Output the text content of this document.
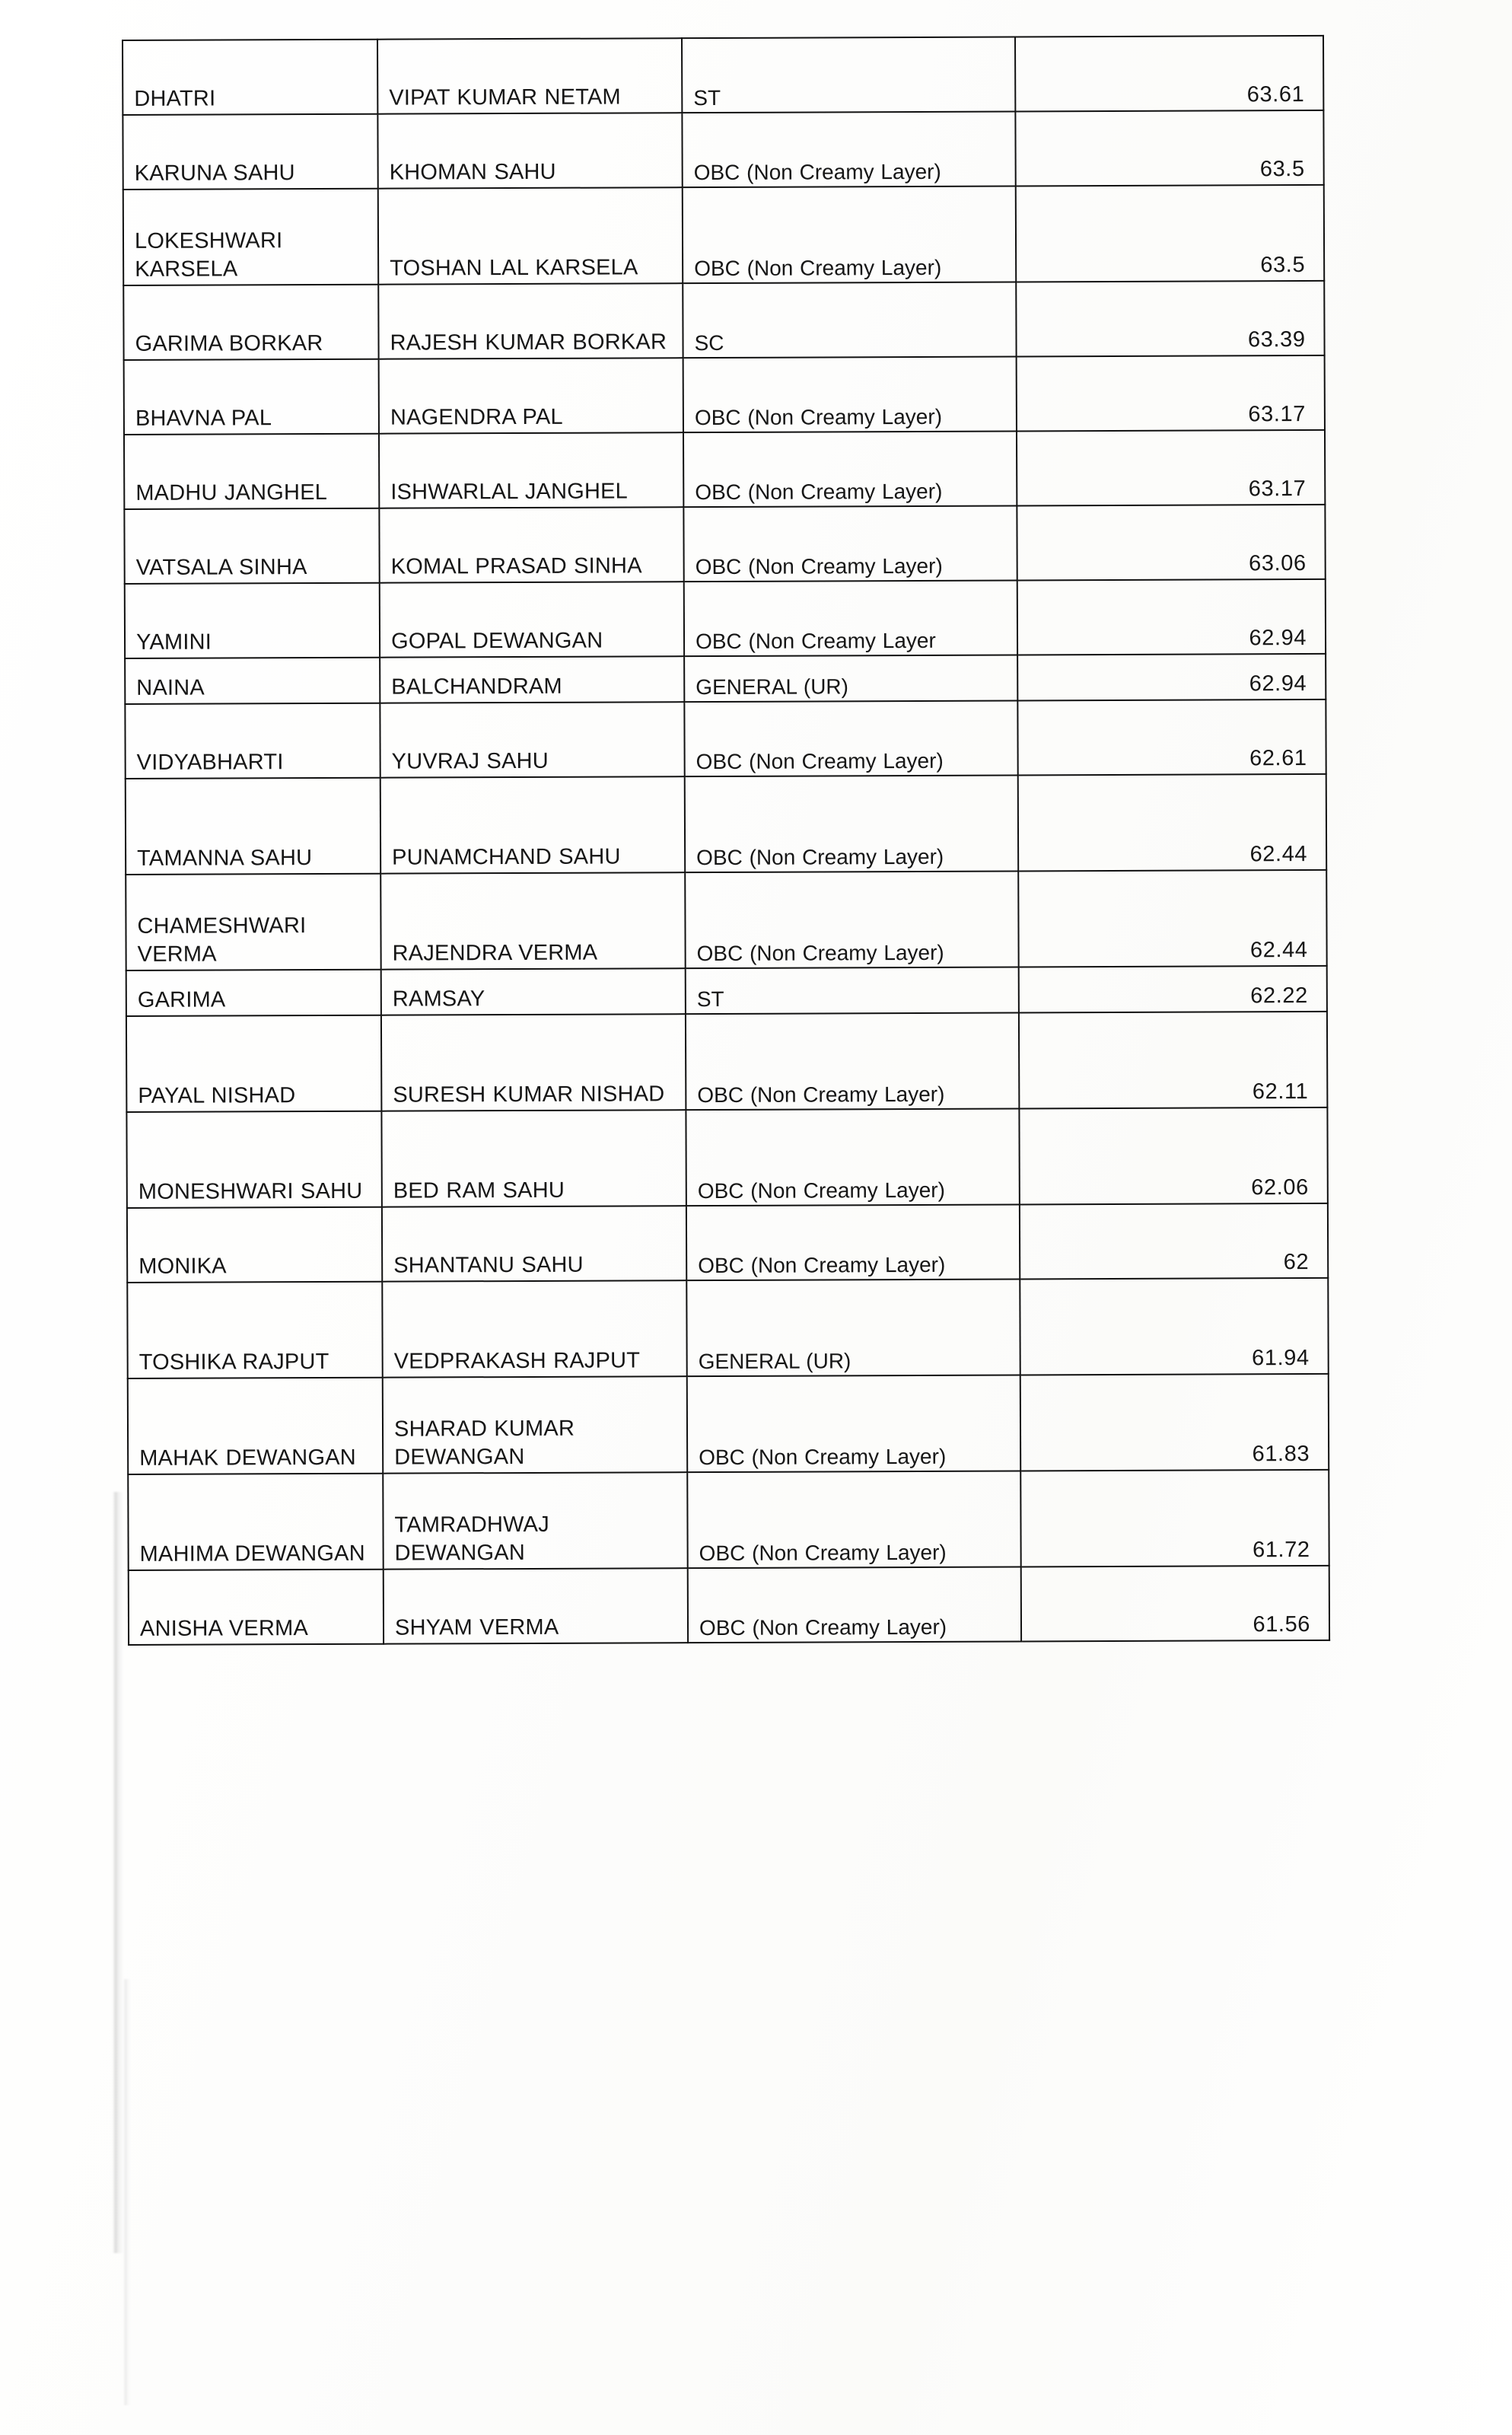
DHATRI	VIPAT KUMAR NETAM	ST	63.61
KARUNA SAHU	KHOMAN SAHU	OBC (Non Creamy Layer)	63.5
LOKESHWARI KARSELA	TOSHAN LAL KARSELA	OBC (Non Creamy Layer)	63.5
GARIMA BORKAR	RAJESH KUMAR BORKAR	SC	63.39
BHAVNA PAL	NAGENDRA PAL	OBC (Non Creamy Layer)	63.17
MADHU JANGHEL	ISHWARLAL JANGHEL	OBC (Non Creamy Layer)	63.17
VATSALA SINHA	KOMAL PRASAD SINHA	OBC (Non Creamy Layer)	63.06
YAMINI	GOPAL DEWANGAN	OBC (Non Creamy Layer	62.94
NAINA	BALCHANDRAM	GENERAL (UR)	62.94
VIDYABHARTI	YUVRAJ SAHU	OBC (Non Creamy Layer)	62.61
TAMANNA SAHU	PUNAMCHAND SAHU	OBC (Non Creamy Layer)	62.44
CHAMESHWARI VERMA	RAJENDRA VERMA	OBC (Non Creamy Layer)	62.44
GARIMA	RAMSAY	ST	62.22
PAYAL NISHAD	SURESH KUMAR NISHAD	OBC (Non Creamy Layer)	62.11
MONESHWARI SAHU	BED RAM SAHU	OBC (Non Creamy Layer)	62.06
MONIKA	SHANTANU SAHU	OBC (Non Creamy Layer)	62
TOSHIKA RAJPUT	VEDPRAKASH RAJPUT	GENERAL (UR)	61.94
MAHAK DEWANGAN	SHARAD KUMAR DEWANGAN	OBC (Non Creamy Layer)	61.83
MAHIMA DEWANGAN	TAMRADHWAJ DEWANGAN	OBC (Non Creamy Layer)	61.72
ANISHA VERMA	SHYAM VERMA	OBC (Non Creamy Layer)	61.56
